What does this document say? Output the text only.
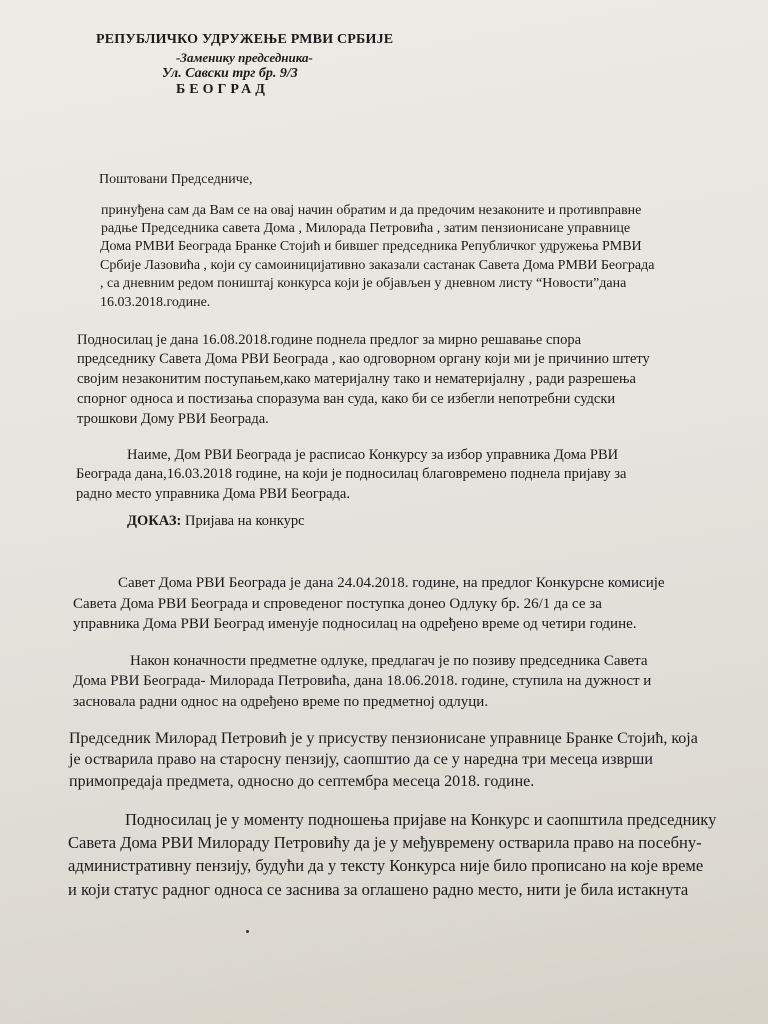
РЕПУБЛИЧКО УДРУЖЕЊЕ РМВИ СРБИЈЕ
-Заменику председника-
Ул. Савски трг бр. 9/3
БЕОГРАД
Поштовани Председниче,
принуђена сам да Вам се на овај начин обратим и да предочим незаконите и противправне
радње Председника савета Дома , Милорада Петровића , затим пензионисане управнице
Дома РМВИ Београда Бранке Стојић и бившег председника Републичког удружења РМВИ
Србије Лазовића , који су самоиницијативно заказали састанак Савета Дома РМВИ Београда
, са дневним редом поништај конкурса који је објављен у дневном листу “Новости”дана
16.03.2018.године.
Подносилац је дана 16.08.2018.године поднела предлог за мирно решавање спора
председнику Савета Дома РВИ Београда , као одговорном органу који ми је причинио штету
својим незаконитим поступањем,како материјалну тако и нематеријалну , ради разрешења
спорног односа и постизања споразума ван суда, како би се избегли непотребни судски
трошкови Дому РВИ Београда.
Наиме, Дом РВИ Београда је расписао Конкурсу за избор управника Дома РВИ
Београда дана,16.03.2018 године, на који је подносилац благовремено поднела пријаву за
радно место управника Дома РВИ Београда.
ДОКАЗ: Пријава на конкурс
Савет Дома РВИ Београда је дана 24.04.2018. године, на предлог Конкурсне комисије
Савета Дома РВИ Београда и спроведеног поступка донео Одлуку бр. 26/1 да се за
управника Дома РВИ Београд именује подносилац на одређено време од четири године.
Након коначности предметне одлуке, предлагач је по позиву председника Савета
Дома РВИ Београда- Милорада Петровића, дана 18.06.2018. године, ступила на дужност и
засновала радни однос на одређено време по предметној одлуци.
Председник Милорад Петровић је у присуству пензионисане управнице Бранке Стојић, која
је остварила право на старосну пензију, саопштио да се у наредна три месеца изврши
примопредаја предмета, односно до септембра месеца 2018. године.
Подносилац је у моменту подношења пријаве на Конкурс и саопштила председнику
Савета Дома РВИ Милораду Петровићу да је у међувремену остварила право на посебну-
административну пензију, будући да у тексту Конкурса није било прописано на које време
и који статус радног односа се заснива за оглашено радно место, нити је била истакнута
